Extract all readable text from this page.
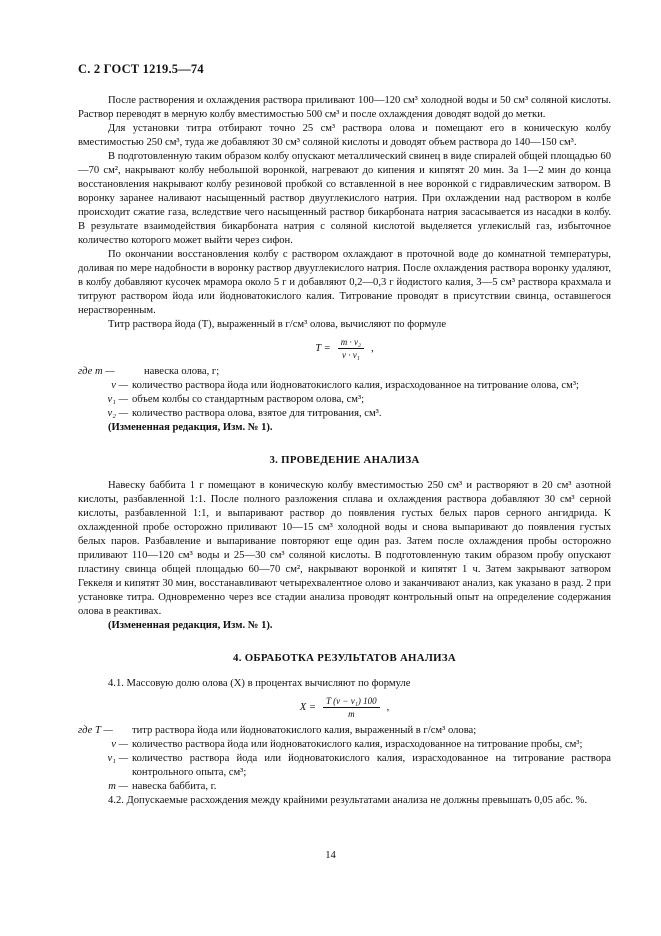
С. 2 ГОСТ 1219.5—74

После растворения и охлаждения раствора приливают 100—120 см³ холодной воды и 50 см³ соляной кислоты. Раствор переводят в мерную колбу вместимостью 500 см³ и после охлаждения доводят водой до метки.

Для установки титра отбирают точно 25 см³ раствора олова и помещают его в коническую колбу вместимостью 250 см³, туда же добавляют 30 см³ соляной кислоты и доводят объем раствора до 140—150 см³.

В подготовленную таким образом колбу опускают металлический свинец в виде спиралей общей площадью 60—70 см², накрывают колбу небольшой воронкой, нагревают до кипения и кипятят 20 мин. За 1—2 мин до конца восстановления накрывают колбу резиновой пробкой со вставленной в нее воронкой с гидравлическим затвором. В воронку заранее наливают насыщенный раствор двууглекислого натрия. При охлаждении над раствором в колбе происходит сжатие газа, вследствие чего насыщенный раствор бикарбоната натрия засасывается из насадки в колбу. В результате взаимодействия бикарбоната натрия с соляной кислотой выделяется углекислый газ, избыточное количество которого может выйти через сифон.

По окончании восстановления колбу с раствором охлаждают в проточной воде до комнатной температуры, доливая по мере надобности в воронку раствор двууглекислого натрия. После охлаждения раствора воронку удаляют, в колбу добавляют кусочек мрамора около 5 г и добавляют 0,2—0,3 г йодистого калия, 3—5 см³ раствора крахмала и титруют раствором йода или йодноватокислого калия. Титрование проводят в присутствии свинца, оставшегося нерастворенным.

Титр раствора йода (T), выраженный в г/см³ олова, вычисляют по формуле

$T = \frac{\text{m · v₂}}{\text{v · v₁}}$ ,
где m —	навеска олова, г;
v — количество раствора йода или йодноватокислого калия, израсходованное на титрование олова, см³;
v₁ — объем колбы со стандартным раствором олова, см³;
v₂ — количество раствора олова, взятое для титрования, см³.
(Измененная редакция, Изм. № 1).
3. ПРОВЕДЕНИЕ АНАЛИЗА

Навеску баббита 1 г помещают в коническую колбу вместимостью 250 см³ и растворяют в 20 см³ азотной кислоты, разбавленной 1:1. После полного разложения сплава и охлаждения раствора добавляют 30 см³ серной кислоты, разбавленной 1:1, и выпаривают раствор до появления густых белых паров серного ангидрида. К охлажденной пробе осторожно приливают 10—15 см³ холодной воды и снова выпаривают до появления густых белых паров. Разбавление и выпаривание повторяют еще один раз. Затем после охлаждения пробы осторожно приливают 110—120 см³ воды и 25—30 см³ соляной кислоты. В подготовленную таким образом пробу опускают пластину свинца общей площадью 60—70 см², накрывают воронкой и кипятят 1 ч. Затем закрывают затвором Геккеля и кипятят 30 мин, восстанавливают четырехвалентное олово и заканчивают анализ, как указано в разд. 2 при установке титра. Одновременно через все стадии анализа проводят контрольный опыт на определение содержания олова в реактивах.

(Измененная редакция, Изм. № 1).
4. ОБРАБОТКА РЕЗУЛЬТАТОВ АНАЛИЗА

4.1. Массовую долю олова (X) в процентах вычисляют по формуле

$X = \frac{\text{T (v − v₁) 100}}{m}$ ,
где T —	титр раствора йода или йодноватокислого калия, выраженный в г/см³ олова;
v — количество раствора йода или йодноватокислого калия, израсходованное на титрование пробы, см³;
v₁ — количество раствора йода или йодноватокислого калия, израсходованное на титрование раствора контрольного опыта, см³;
m — навеска баббита, г.

4.2. Допускаемые расхождения между крайними результатами анализа не должны превышать 0,05 абс. %.

14
